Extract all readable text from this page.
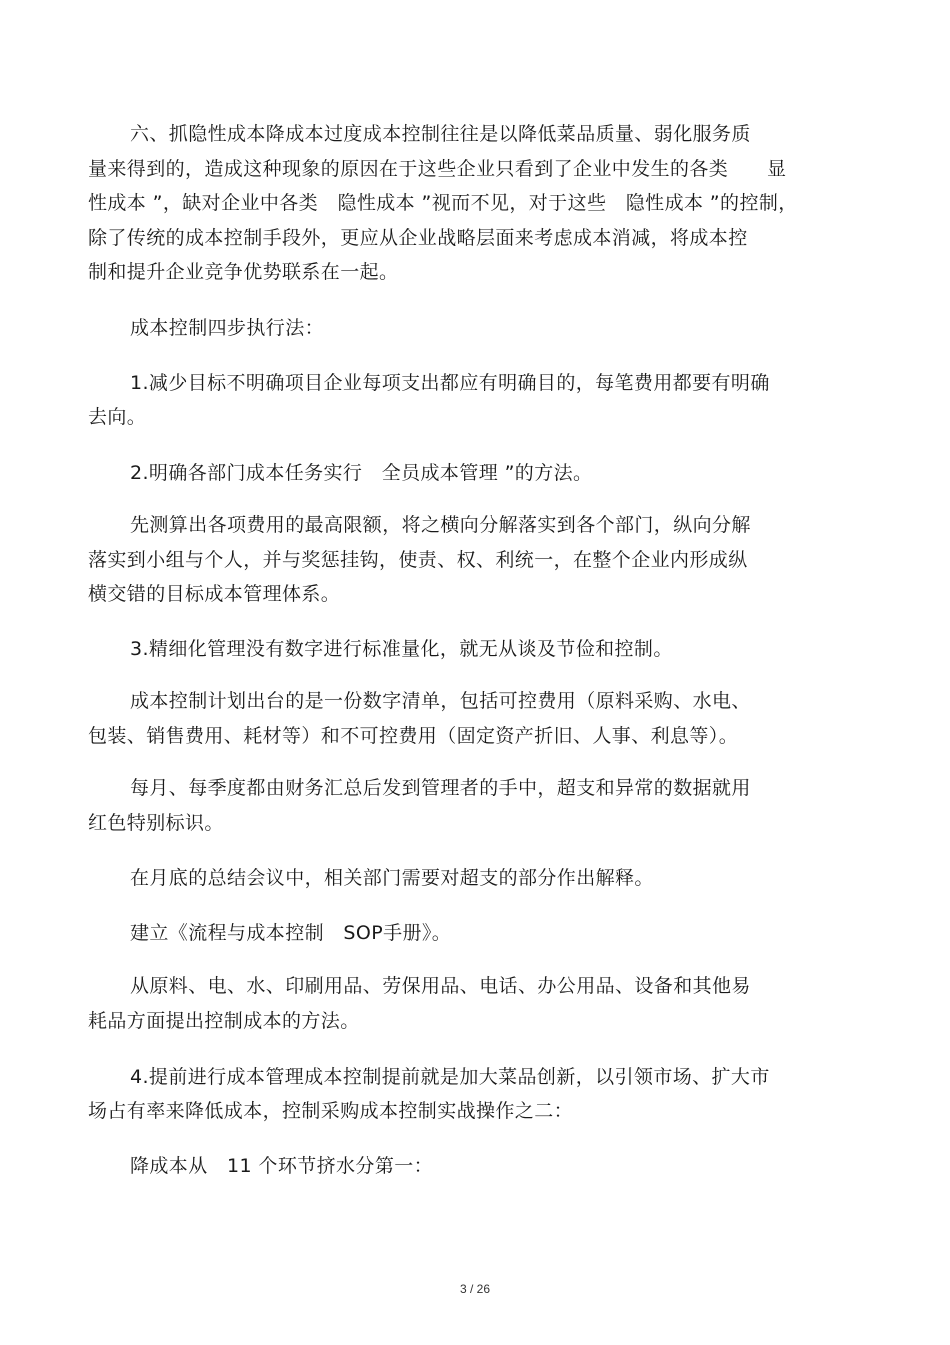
六、抓隐性成本降成本过度成本控制往往是以降低菜品质量、弱化服务质
量来得到的，造成这种现象的原因在于这些企业只看到了企业中发生的各类　　显
性成本 ”，缺对企业中各类　隐性成本 ”视而不见，对于这些　隐性成本 ”的控制，
除了传统的成本控制手段外，更应从企业战略层面来考虑成本消减，将成本控
制和提升企业竞争优势联系在一起。
成本控制四步执行法：
1.减少目标不明确项目企业每项支出都应有明确目的，每笔费用都要有明确
去向。
2.明确各部门成本任务实行　全员成本管理 ”的方法。
先测算出各项费用的最高限额，将之横向分解落实到各个部门，纵向分解
落实到小组与个人，并与奖惩挂钩，使责、权、利统一，在整个企业内形成纵
横交错的目标成本管理体系。
3.精细化管理没有数字进行标准量化，就无从谈及节俭和控制。
成本控制计划出台的是一份数字清单，包括可控费用（原料采购、水电、
包装、销售费用、耗材等）和不可控费用（固定资产折旧、人事、利息等）。
每月、每季度都由财务汇总后发到管理者的手中，超支和异常的数据就用
红色特别标识。
在月底的总结会议中，相关部门需要对超支的部分作出解释。
建立《流程与成本控制　SOP手册》。
从原料、电、水、印刷用品、劳保用品、电话、办公用品、设备和其他易
耗品方面提出控制成本的方法。
4.提前进行成本管理成本控制提前就是加大菜品创新，以引领市场、扩大市
场占有率来降低成本，控制采购成本控制实战操作之二：
降成本从　11 个环节挤水分第一：
3 / 26
